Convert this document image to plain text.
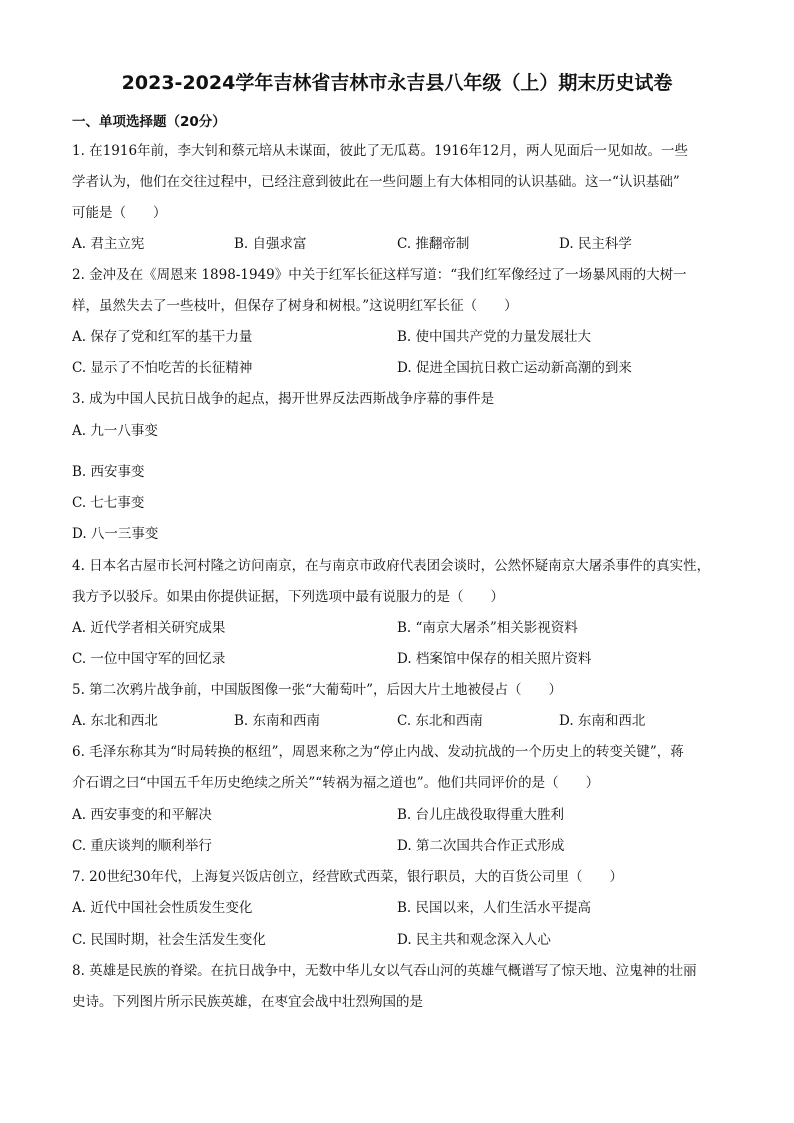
2023-2024学年吉林省吉林市永吉县八年级（上）期末历史试卷
一、单项选择题（20分）
1. 在1916年前，李大钊和蔡元培从未谋面，彼此了无瓜葛。1916年12月，两人见面后一见如故。一些
学者认为，他们在交往过程中，已经注意到彼此在一些问题上有大体相同的认识基础。这一“认识基础”
可能是（　　）
A. 君主立宪	B. 自强求富	C. 推翻帝制	D. 民主科学
2. 金冲及在《周恩来 1898-1949》中关于红军长征这样写道：“我们红军像经过了一场暴风雨的大树一
样，虽然失去了一些枝叶，但保存了树身和树根。”这说明红军长征（　　）
A. 保存了党和红军的基干力量	B. 使中国共产党的力量发展壮大
C. 显示了不怕吃苦的长征精神	D. 促进全国抗日救亡运动新高潮的到来
3. 成为中国人民抗日战争的起点，揭开世界反法西斯战争序幕的事件是
A. 九一八事变
B. 西安事变
C. 七七事变
D. 八一三事变
4. 日本名古屋市长河村隆之访问南京，在与南京市政府代表团会谈时，公然怀疑南京大屠杀事件的真实性，
我方予以驳斥。如果由你提供证据，下列选项中最有说服力的是（　　）
A. 近代学者相关研究成果	B. “南京大屠杀”相关影视资料
C. 一位中国守军的回忆录	D. 档案馆中保存的相关照片资料
5. 第二次鸦片战争前，中国版图像一张“大葡萄叶”，后因大片土地被侵占（　　）
A. 东北和西北	B. 东南和西南	C. 东北和西南	D. 东南和西北
6. 毛泽东称其为“时局转换的枢纽”，周恩来称之为“停止内战、发动抗战的一个历史上的转变关键”，蒋
介石谓之曰“中国五千年历史绝续之所关”“转祸为福之道也”。他们共同评价的是（　　）
A. 西安事变的和平解决	B. 台儿庄战役取得重大胜利
C. 重庆谈判的顺利举行	D. 第二次国共合作正式形成
7. 20世纪30年代，上海复兴饭店创立，经营欧式西菜，银行职员，大的百货公司里（　　）
A. 近代中国社会性质发生变化	B. 民国以来，人们生活水平提高
C. 民国时期，社会生活发生变化	D. 民主共和观念深入人心
8. 英雄是民族的脊梁。在抗日战争中，无数中华儿女以气吞山河的英雄气概谱写了惊天地、泣鬼神的壮丽
史诗。下列图片所示民族英雄，在枣宜会战中壮烈殉国的是
